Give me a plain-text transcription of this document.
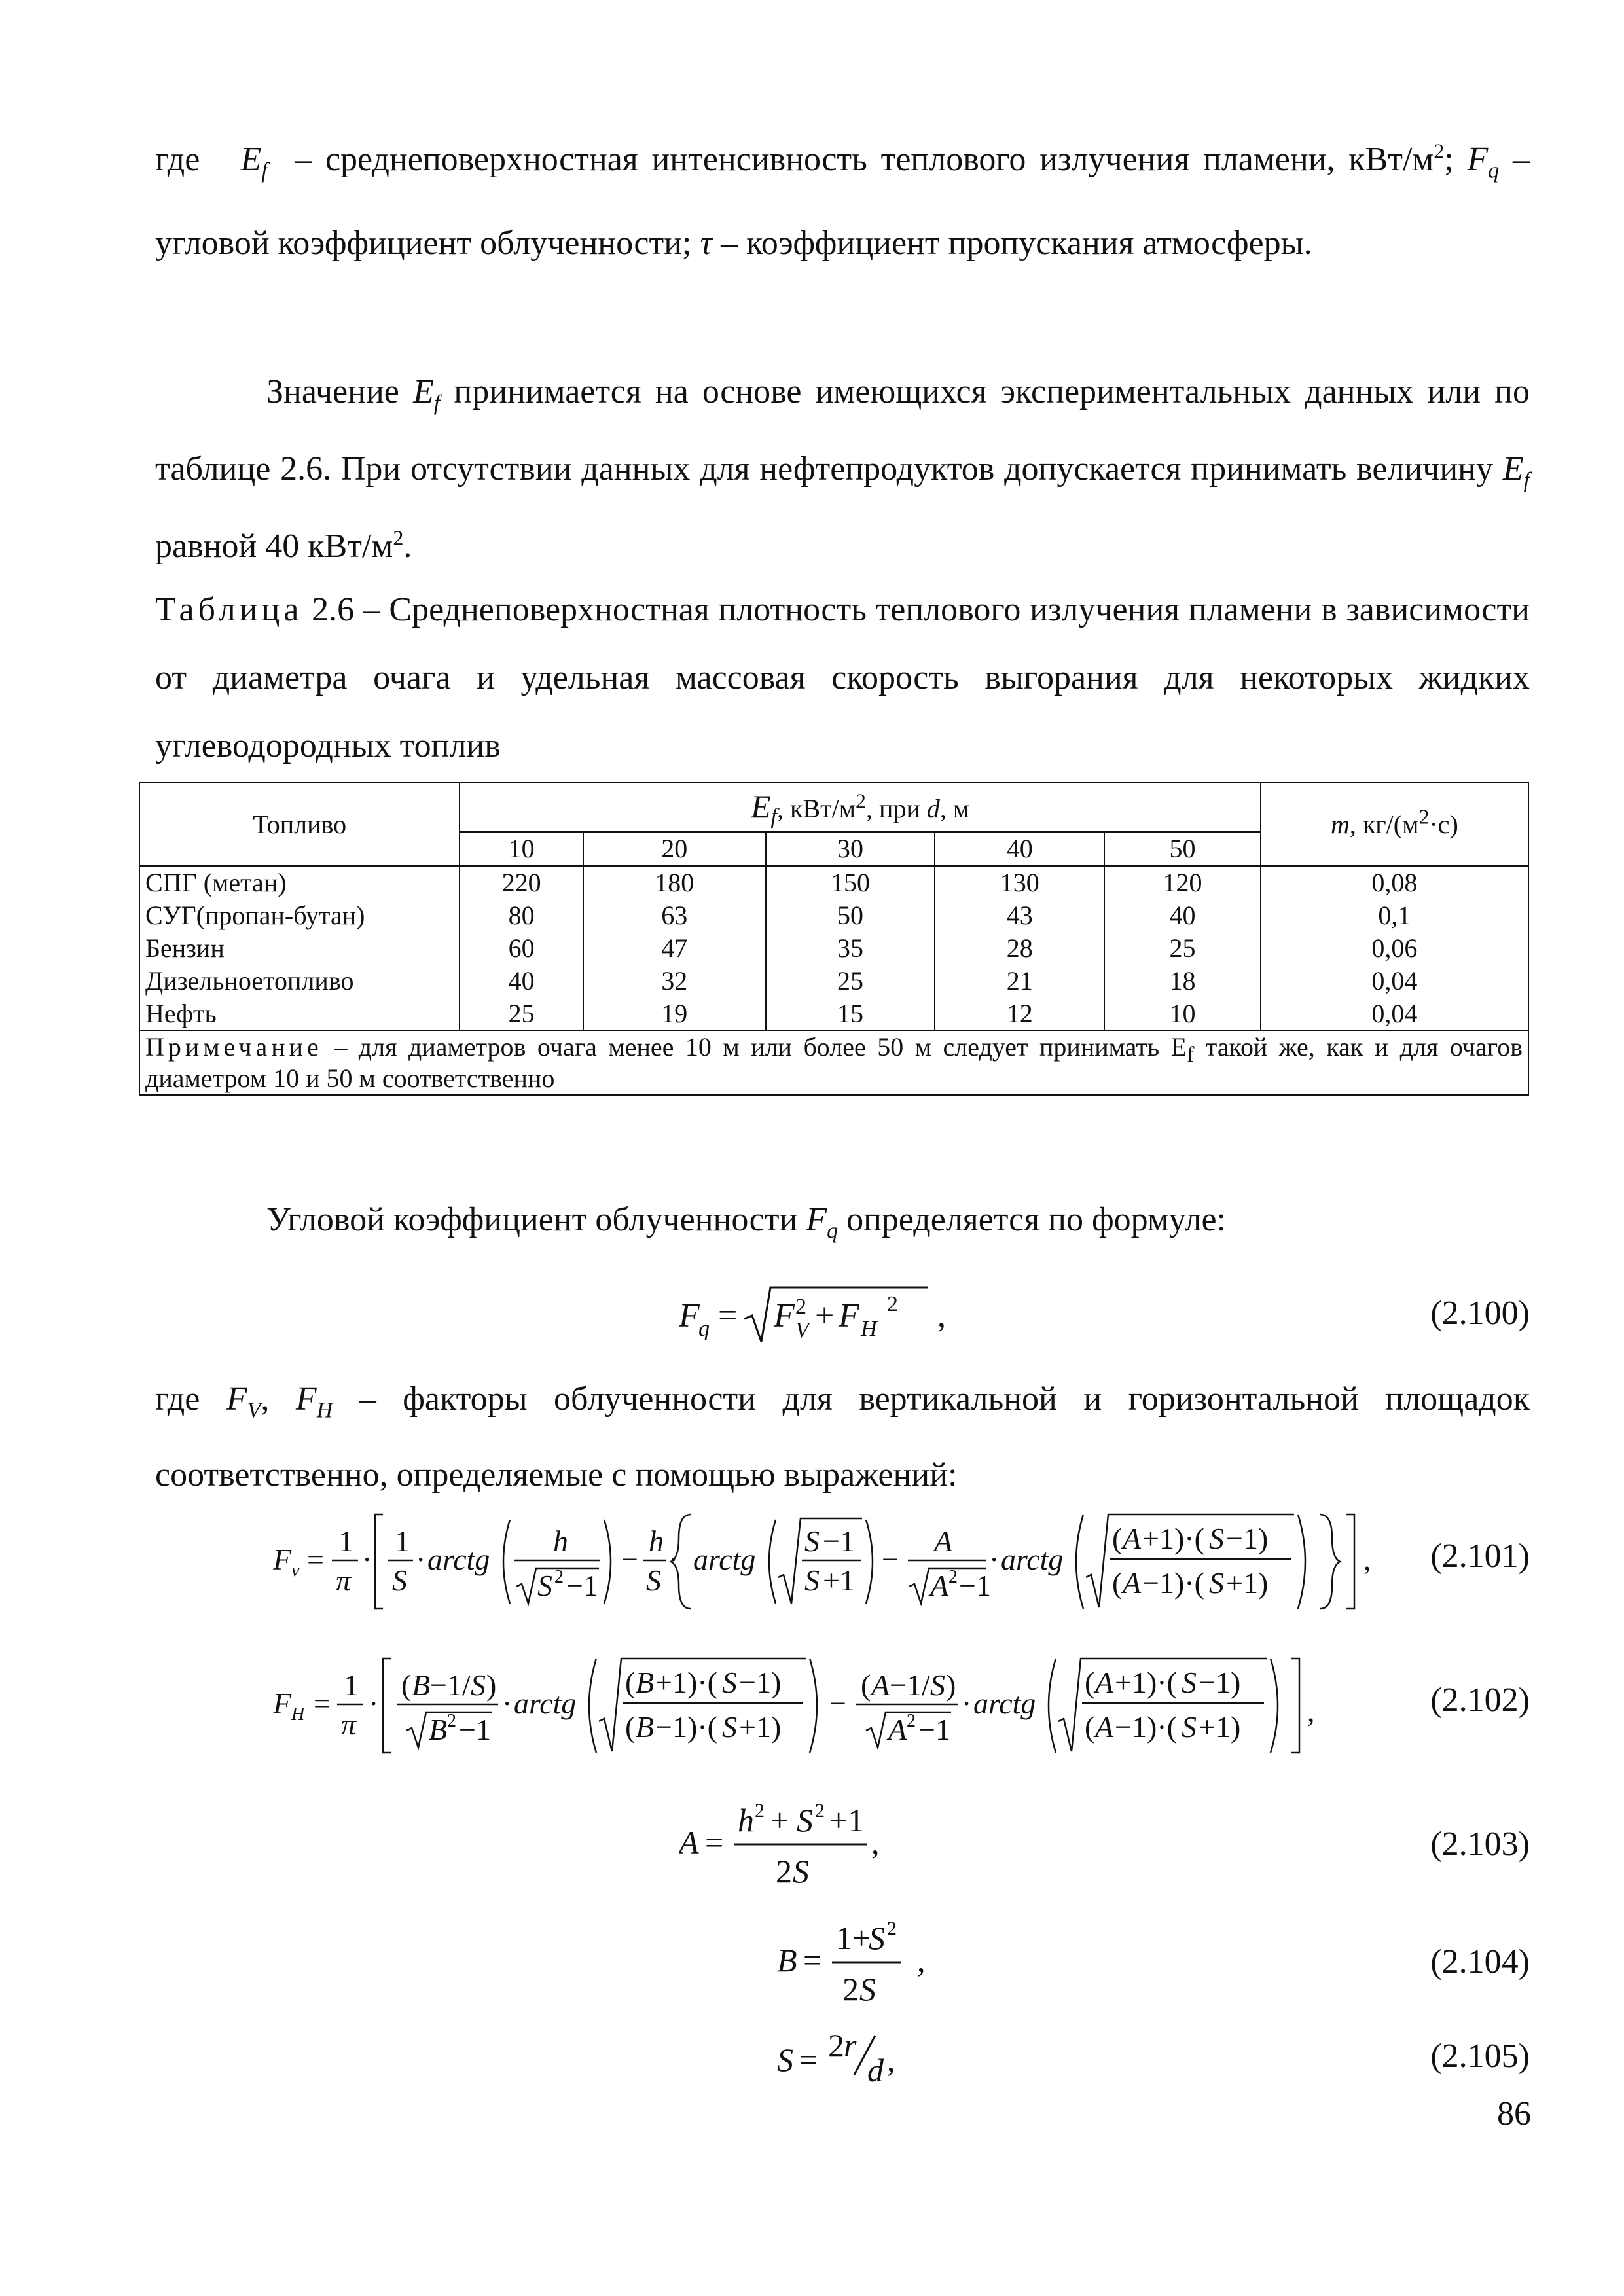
где $E_f$ – среднеповерхностная интенсивность теплового излучения пламени, кВт/$м^2$; $F_q$ – угловой коэффициент облученности; τ – коэффициент пропускания атмосферы.
Значение $E_f$ принимается на основе имеющихся экспериментальных данных или по таблице 2.6. При отсутствии данных для нефтепродуктов допускается принимать величину $E_f$ равной 40 кВт/$м^2$.
Таблица 2.6 – Среднеповерхностная плотность теплового излучения пламени в зависимости от диаметра очага и удельная массовая скорость выгорания для некоторых жидких углеводородных топлив
Топливо	$E_f$, кВт/$м^2$, при d, м					m, $кг/(м^2\cdot с)$
	10	20	30	40	50	
СПГ (метан)	220	180	150	130	120	0,08
СУГ(пропан-бутан)	80	63	50	43	40	0,1
Бензин	60	47	35	28	25	0,06
Дизельноетопливо	40	32	25	21	18	0,04
Нефть	25	19	15	12	10	0,04
Примечание – для диаметров очага менее 10 м или более 50 м следует принимать $E_f$ такой же, как и для очагов диаметром 10 и 50 м соответственно						
Угловой коэффициент облученности $F_q$ определяется по формуле:
F
q = F 2
V + F H
2 ,	(2.100)
где $F_V$, $F_H$ – факторы облученности для вертикальной и горизонтальной площадок соответственно, определяемые с помощью выражений:
F v =
1
π
·
1
S
· arctg
h
S 2 −1
−
h
S
· arctg
S −1
S +1
−
A
A 2 −1
· arctg
( A +1)·( S −1)
( A −1)·( S +1)
, (2.101)
F H =
1
π
·
( B −1/ S )
B 2 −1
· arctg
( B +1)·( S −1)
( B −1)·( S +1)
−
( A −1/ S )
A 2 −1
· arctg
( A +1)·( S −1)
( A −1)·( S +1) ,	(2.102)
A =
h 2 + S 2 +1
2 S
,	(2.103)
B =
1+
S 2
2 S
,	(2.104)
S = 2 r
d ,	(2.105)
86
